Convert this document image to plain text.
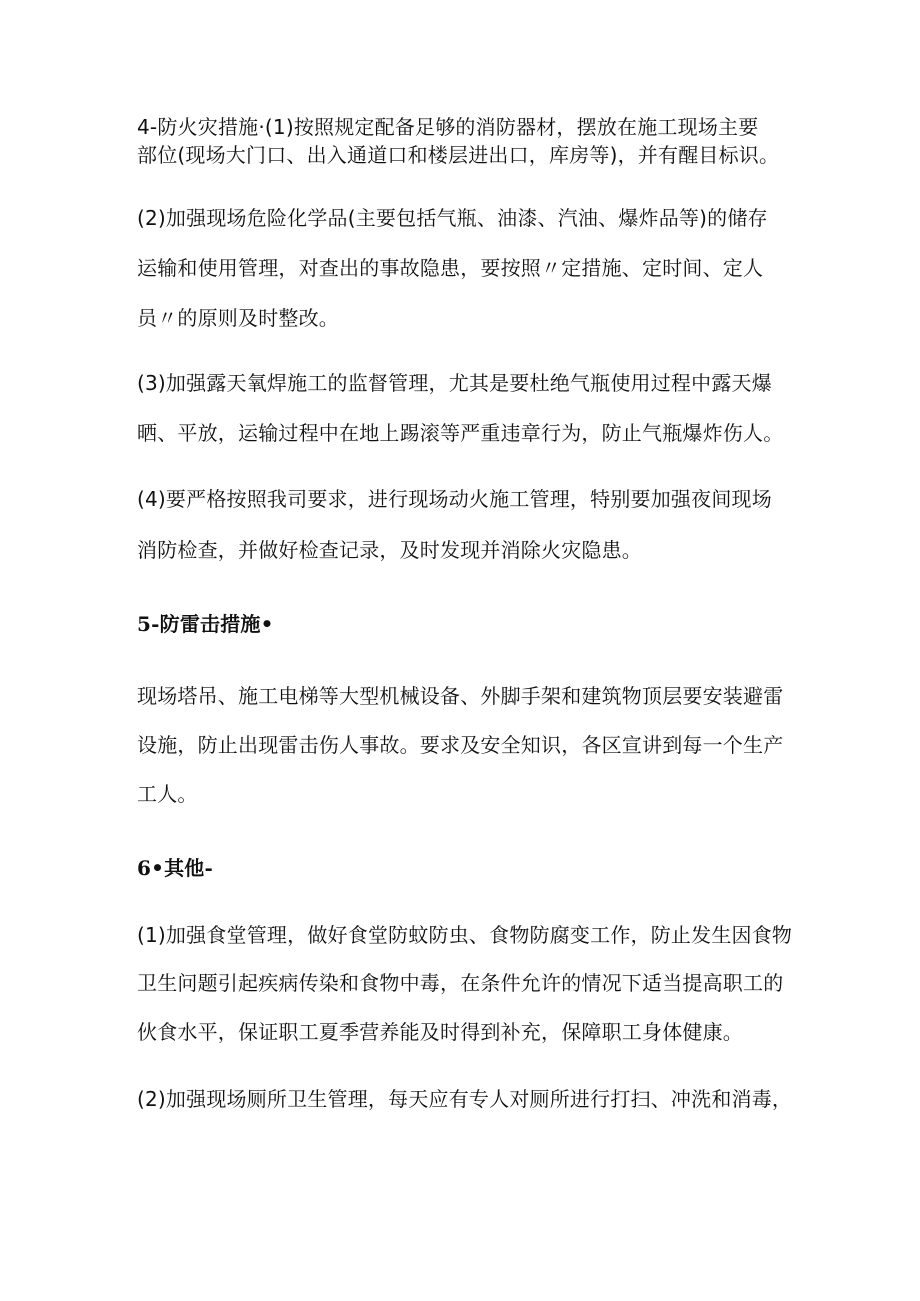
4-防火灾措施·(1)按照规定配备足够的消防器材，摆放在施工现场主要
部位(现场大门口、出入通道口和楼层进出口，库房等)，并有醒目标识。
(2)加强现场危险化学品(主要包括气瓶、油漆、汽油、爆炸品等)的储存
运输和使用管理，对查出的事故隐患，要按照〃定措施、定时间、定人
员〃的原则及时整改。
(3)加强露天氧焊施工的监督管理，尤其是要杜绝气瓶使用过程中露天爆
晒、平放，运输过程中在地上踢滚等严重违章行为，防止气瓶爆炸伤人。
(4)要严格按照我司要求，进行现场动火施工管理，特别要加强夜间现场
消防检查，并做好检查记录，及时发现并消除火灾隐患。
5-防雷击措施•
现场塔吊、施工电梯等大型机械设备、外脚手架和建筑物顶层要安装避雷
设施，防止出现雷击伤人事故。要求及安全知识，各区宣讲到每一个生产
工人。
6•其他-
(1)加强食堂管理，做好食堂防蚊防虫、食物防腐变工作，防止发生因食物
卫生问题引起疾病传染和食物中毒，在条件允许的情况下适当提高职工的
伙食水平，保证职工夏季营养能及时得到补充，保障职工身体健康。
(2)加强现场厕所卫生管理，每天应有专人对厕所进行打扫、冲洗和消毒，
